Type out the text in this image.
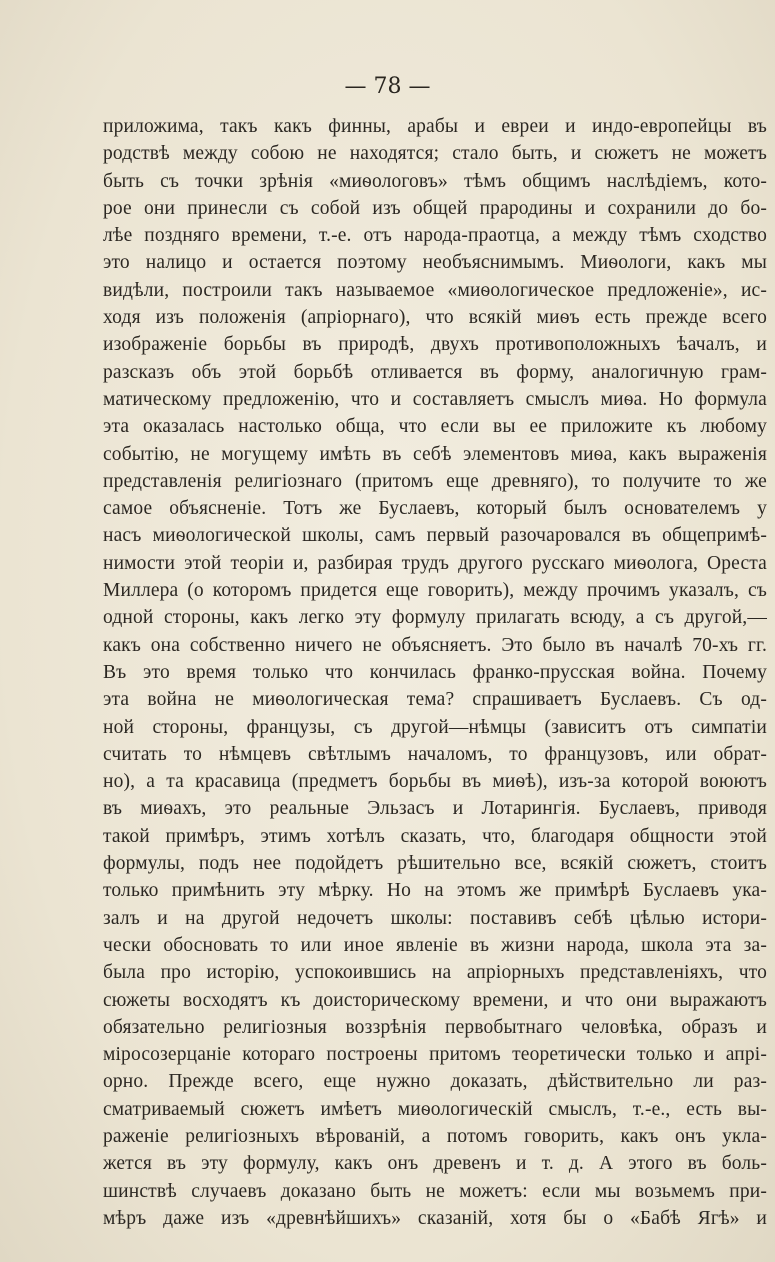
— 78 —
приложима, такъ какъ финны, арабы и евреи и индо-европейцы въ
родствѣ между собою не находятся; стало быть, и сюжетъ не можетъ
быть съ точки зрѣнія «миѳологовъ» тѣмъ общимъ наслѣдіемъ, кото-
рое они принесли съ собой изъ общей прародины и сохранили до бо-
лѣе поздняго времени, т.-е. отъ народа-праотца, а между тѣмъ сходство
это налицо и остается поэтому необъяснимымъ. Миѳологи, какъ мы
видѣли, построили такъ называемое «миѳологическое предложеніе», ис-
ходя изъ положенія (апріорнаго), что всякій миѳъ есть прежде всего
изображеніе борьбы въ природѣ, двухъ противоположныхъ ѣачалъ, и
разсказъ объ этой борьбѣ отливается въ форму, аналогичную грам-
матическому предложенію, что и составляетъ смыслъ миѳа. Но формула
эта оказалась настолько обща, что если вы ее приложите къ любому
событію, не могущему имѣть въ себѣ элементовъ миѳа, какъ выраженія
представленія религіознаго (притомъ еще древняго), то получите то же
самое объясненіе. Тотъ же Буслаевъ, который былъ основателемъ у
насъ миѳологической школы, самъ первый разочаровался въ общепримѣ-
нимости этой теоріи и, разбирая трудъ другого русскаго миѳолога, Ореста
Миллера (о которомъ придется еще говорить), между прочимъ указалъ, съ
одной стороны, какъ легко эту формулу прилагать всюду, а съ другой,—
какъ она собственно ничего не объясняетъ. Это было въ началѣ 70-хъ гг.
Въ это время только что кончилась франко-прусская война. Почему
эта война не миѳологическая тема? спрашиваетъ Буслаевъ. Съ од-
ной стороны, французы, съ другой—нѣмцы (зависитъ отъ симпатіи
считать то нѣмцевъ свѣтлымъ началомъ, то французовъ, или обрат-
но), а та красавица (предметъ борьбы въ миѳѣ), изъ-за которой воюютъ
въ миѳахъ, это реальные Эльзасъ и Лотарингія. Буслаевъ, приводя
такой примѣръ, этимъ хотѣлъ сказать, что, благодаря общности этой
формулы, подъ нее подойдетъ рѣшительно все, всякій сюжетъ, стоитъ
только примѣнить эту мѣрку. Но на этомъ же примѣрѣ Буслаевъ ука-
залъ и на другой недочетъ школы: поставивъ себѣ цѣлью истори-
чески обосновать то или иное явленіе въ жизни народа, школа эта за-
была про исторію, успокоившись на апріорныхъ представленіяхъ, что
сюжеты восходятъ къ доисторическому времени, и что они выражаютъ
обязательно религіозныя воззрѣнія первобытнаго человѣка, образъ и
міросозерцаніе котораго построены притомъ теоретически только и апрі-
орно. Прежде всего, еще нужно доказать, дѣйствительно ли раз-
сматриваемый сюжетъ имѣетъ миѳологическій смыслъ, т.-е., есть вы-
раженіе религіозныхъ вѣрованій, а потомъ говорить, какъ онъ укла-
жется въ эту формулу, какъ онъ древенъ и т. д. А этого въ боль-
шинствѣ случаевъ доказано быть не можетъ: если мы возьмемъ при-
мѣръ даже изъ «древнѣйшихъ» сказаній, хотя бы о «Бабѣ Ягѣ» и
